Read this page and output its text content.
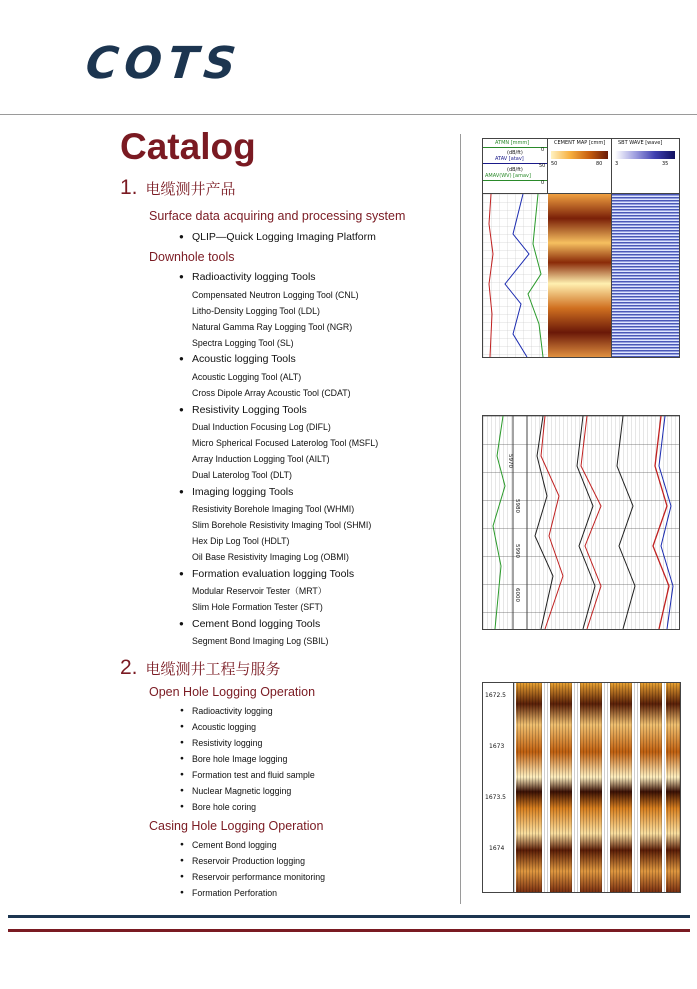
COTS
Catalog
1. 电缆测井产品
Surface data acquiring and processing system
● QLIP—Quick Logging Imaging Platform
Downhole tools
● Radioactivity logging Tools
Compensated Neutron Logging Tool (CNL)
Litho-Density Logging Tool (LDL)
Natural Gamma Ray Logging Tool (NGR)
Spectra Logging Tool (SL)
● Acoustic logging Tools
Acoustic Logging Tool (ALT)
Cross Dipole Array Acoustic Tool (CDAT)
● Resistivity Logging Tools
Dual Induction Focusing Log (DIFL)
Micro Spherical Focused Laterolog Tool (MSFL)
Array Induction Logging Tool (AILT)
Dual Laterolog Tool (DLT)
● Imaging logging Tools
Resistivity Borehole Imaging Tool (WHMI)
Slim Borehole Resistivity Imaging Tool (SHMI)
Hex Dip Log Tool (HDLT)
Oil Base Resistivity Imaging Log (OBMI)
● Formation evaluation logging Tools
Modular Reservoir Tester（MRT）
Slim Hole Formation Tester (SFT)
● Cement Bond logging Tools
Segment Bond Imaging Log (SBIL)
2. 电缆测井工程与服务
Open Hole Logging Operation
● Radioactivity logging
● Acoustic logging
● Resistivity logging
● Bore hole Image logging
● Formation test and fluid sample
● Nuclear Magnetic logging
● Bore hole coring
Casing Hole Logging Operation
● Cement Bond logging
● Reservoir Production logging
● Reservoir performance monitoring
● Formation Perforation
ATMN [mmm]
0
(dB/ft)
ATAV [atav]
50
(dB/ft)
AMAV(WV) [amav]
0
CEMENT MAP [cmm]
50	80
SBT WAVE [wave]
3	35
5970
5980
5990
6000
1672.5
1673
1673.5
1674
